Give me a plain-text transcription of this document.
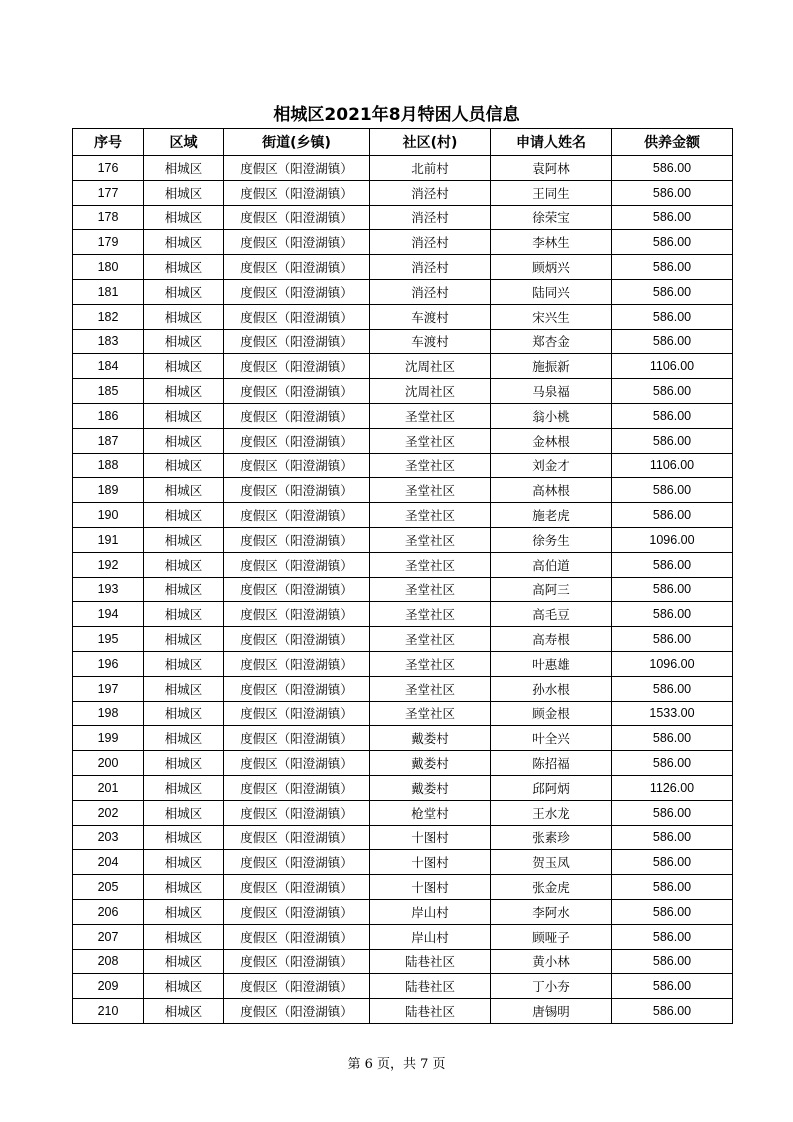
相城区2021年8月特困人员信息
序号	区域	街道(乡镇)	社区(村)	申请人姓名	供养金额
176	相城区	度假区（阳澄湖镇）	北前村	袁阿林	586.00
177	相城区	度假区（阳澄湖镇）	消泾村	王同生	586.00
178	相城区	度假区（阳澄湖镇）	消泾村	徐荣宝	586.00
179	相城区	度假区（阳澄湖镇）	消泾村	李林生	586.00
180	相城区	度假区（阳澄湖镇）	消泾村	顾炳兴	586.00
181	相城区	度假区（阳澄湖镇）	消泾村	陆同兴	586.00
182	相城区	度假区（阳澄湖镇）	车渡村	宋兴生	586.00
183	相城区	度假区（阳澄湖镇）	车渡村	郑杏金	586.00
184	相城区	度假区（阳澄湖镇）	沈周社区	施振新	1106.00
185	相城区	度假区（阳澄湖镇）	沈周社区	马泉福	586.00
186	相城区	度假区（阳澄湖镇）	圣堂社区	翁小桃	586.00
187	相城区	度假区（阳澄湖镇）	圣堂社区	金林根	586.00
188	相城区	度假区（阳澄湖镇）	圣堂社区	刘金才	1106.00
189	相城区	度假区（阳澄湖镇）	圣堂社区	高林根	586.00
190	相城区	度假区（阳澄湖镇）	圣堂社区	施老虎	586.00
191	相城区	度假区（阳澄湖镇）	圣堂社区	徐务生	1096.00
192	相城区	度假区（阳澄湖镇）	圣堂社区	高伯道	586.00
193	相城区	度假区（阳澄湖镇）	圣堂社区	高阿三	586.00
194	相城区	度假区（阳澄湖镇）	圣堂社区	高毛豆	586.00
195	相城区	度假区（阳澄湖镇）	圣堂社区	高寿根	586.00
196	相城区	度假区（阳澄湖镇）	圣堂社区	叶惠雄	1096.00
197	相城区	度假区（阳澄湖镇）	圣堂社区	孙水根	586.00
198	相城区	度假区（阳澄湖镇）	圣堂社区	顾金根	1533.00
199	相城区	度假区（阳澄湖镇）	戴娄村	叶全兴	586.00
200	相城区	度假区（阳澄湖镇）	戴娄村	陈招福	586.00
201	相城区	度假区（阳澄湖镇）	戴娄村	邱阿炳	1126.00
202	相城区	度假区（阳澄湖镇）	枪堂村	王水龙	586.00
203	相城区	度假区（阳澄湖镇）	十图村	张素珍	586.00
204	相城区	度假区（阳澄湖镇）	十图村	贺玉凤	586.00
205	相城区	度假区（阳澄湖镇）	十图村	张金虎	586.00
206	相城区	度假区（阳澄湖镇）	岸山村	李阿水	586.00
207	相城区	度假区（阳澄湖镇）	岸山村	顾哑子	586.00
208	相城区	度假区（阳澄湖镇）	陆巷社区	黄小林	586.00
209	相城区	度假区（阳澄湖镇）	陆巷社区	丁小夯	586.00
210	相城区	度假区（阳澄湖镇）	陆巷社区	唐锡明	586.00
第 6 页，共 7 页
